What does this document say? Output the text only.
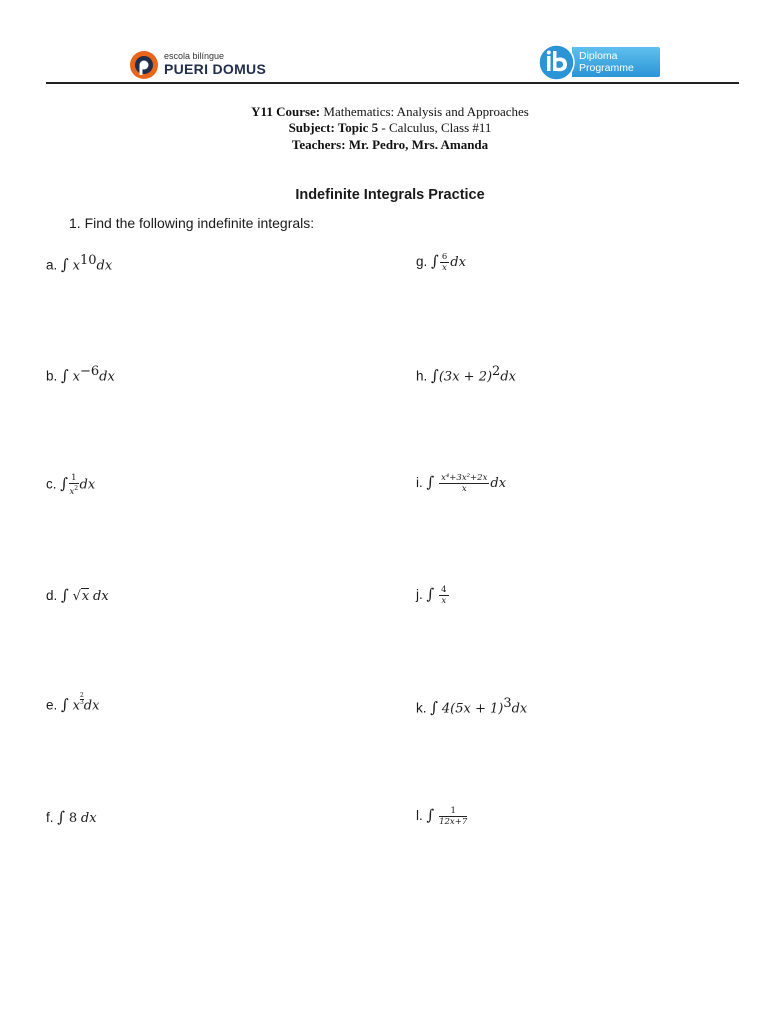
escola bilíngue
PUERI DOMUS
Diploma
Programme
Y11 Course: Mathematics: Analysis and Approaches
Subject: Topic 5 - Calculus, Class #11
Teachers: Mr. Pedro, Mrs. Amanda
Indefinite Integrals Practice
1. Find the following indefinite integrals:
a. ∫ $x^{10}dx$
b. ∫ $x^{-6}dx$
c. ∫ $\frac{1}{x^2}$ dx
d. ∫ √x dx
e. ∫ x $\frac{2}{3}$ dx
f. ∫ 8 dx
g. ∫ $\frac{6}{x}$ dx
h. $\int(3x + 2)^2dx$
i. ∫ $\frac{\text{x⁴+3x²+2x}}{x}$ dx
j. ∫ $\frac{4}{x}$
k. ∫ $4(5x + 1)^3dx$
l. ∫ $\frac{1}{12x+7}$
